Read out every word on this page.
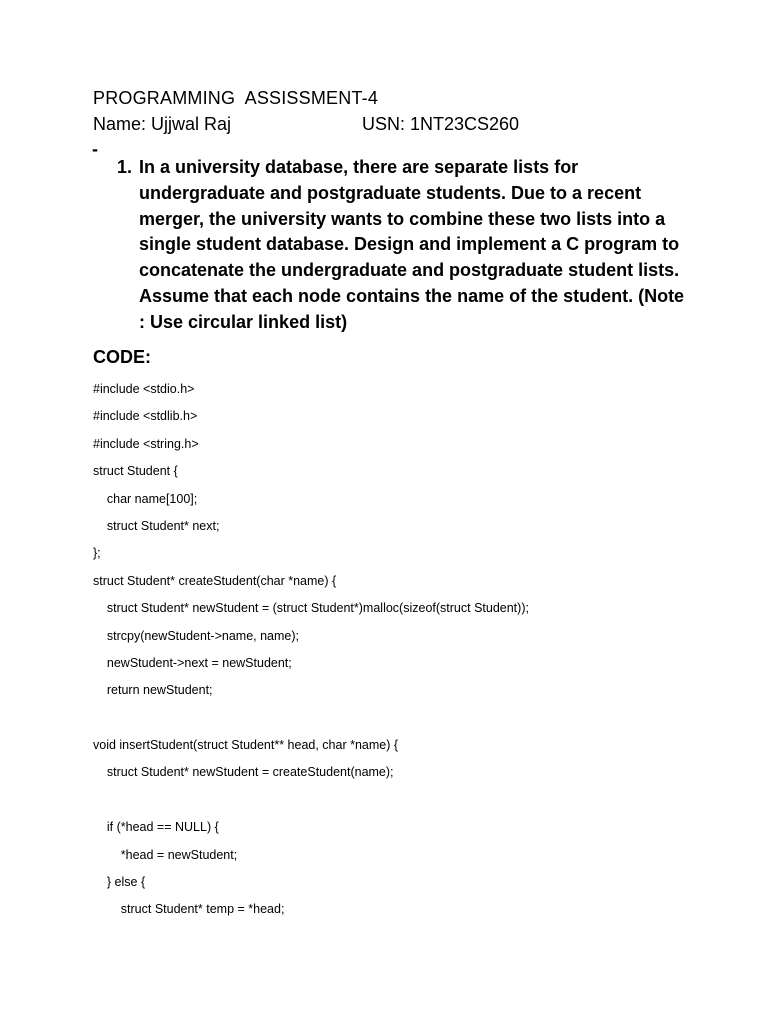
PROGRAMMING  ASSISSMENT-4
Name: Ujjwal Raj	USN: 1NT23CS260
-
1. In a university database, there are separate lists for undergraduate and postgraduate students. Due to a recent merger, the university wants to combine these two lists into a single student database. Design and implement a C program to concatenate the undergraduate and postgraduate student lists. Assume that each node contains the name of the student. (Note : Use circular linked list)
CODE:
#include <stdio.h>
#include <stdlib.h>
#include <string.h>
struct Student {
char name[100];
struct Student* next;
};
struct Student* createStudent(char *name) {
struct Student* newStudent = (struct Student*)malloc(sizeof(struct Student));
strcpy(newStudent->name, name);
newStudent->next = newStudent;
return newStudent;
void insertStudent(struct Student** head, char *name) {
struct Student* newStudent = createStudent(name);
if (*head == NULL) {
*head = newStudent;
} else {
struct Student* temp = *head;
